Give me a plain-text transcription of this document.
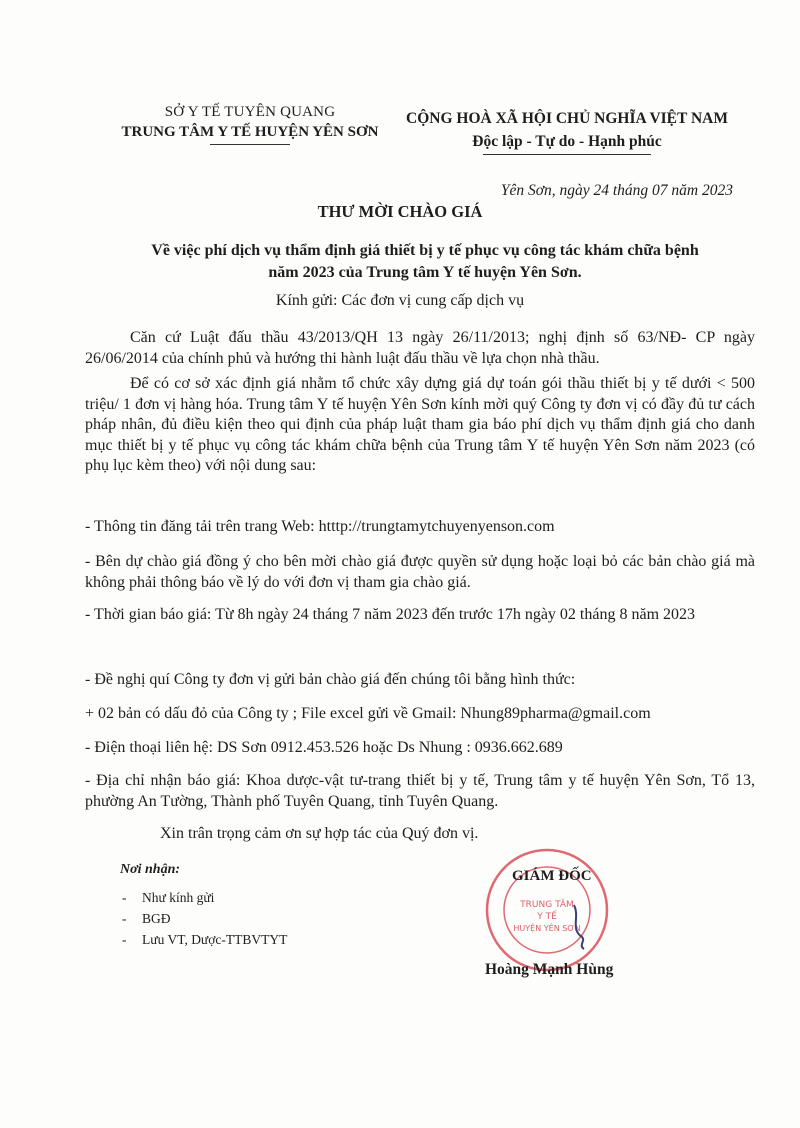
SỞ Y TẾ TUYÊN QUANG
TRUNG TÂM Y TẾ HUYỆN YÊN SƠN
CỘNG HOÀ XÃ HỘI CHỦ NGHĨA VIỆT NAM
Độc lập - Tự do - Hạnh phúc
Yên Sơn, ngày 24 tháng 07 năm 2023
THƯ MỜI CHÀO GIÁ
Về việc phí dịch vụ thẩm định giá thiết bị y tế phục vụ công tác khám chữa bệnh
năm 2023 của Trung tâm Y tế huyện Yên Sơn.
Kính gửi: Các đơn vị cung cấp dịch vụ
Căn cứ Luật đấu thầu 43/2013/QH 13 ngày 26/11/2013; nghị định số 63/NĐ- CP ngày 26/06/2014 của chính phủ và hướng thi hành luật đấu thầu về lựa chọn nhà thầu.
Để có cơ sở xác định giá nhằm tổ chức xây dựng giá dự toán gói thầu thiết bị y tế dưới < 500 triệu/ 1 đơn vị hàng hóa. Trung tâm Y tế huyện Yên Sơn kính mời quý Công ty đơn vị có đầy đủ tư cách pháp nhân, đủ điều kiện theo qui định của pháp luật tham gia báo phí dịch vụ thẩm định giá cho danh mục thiết bị y tế phục vụ công tác khám chữa bệnh của Trung tâm Y tế huyện Yên Sơn năm 2023 (có phụ lục kèm theo) với nội dung sau:
- Thông tin đăng tải trên trang Web: htttp://trungtamytchuyenyenson.com
- Bên dự chào giá đồng ý cho bên mời chào giá được quyền sử dụng hoặc loại bỏ các bản chào giá mà không phải thông báo về lý do với đơn vị tham gia chào giá.
- Thời gian báo giá: Từ 8h ngày 24 tháng 7 năm 2023 đến trước 17h ngày 02 tháng 8 năm 2023
- Đề nghị quí Công ty đơn vị gửi bản chào giá đến chúng tôi bằng hình thức:
+ 02 bản có dấu đỏ của Công ty ; File excel gửi về Gmail: Nhung89pharma@gmail.com
- Điện thoại liên hệ: DS Sơn 0912.453.526 hoặc Ds Nhung : 0936.662.689
- Địa chỉ nhận báo giá: Khoa dược-vật tư-trang thiết bị y tế, Trung tâm y tế huyện Yên Sơn, Tổ 13, phường An Tường, Thành phố Tuyên Quang, tỉnh Tuyên Quang.
Xin trân trọng cảm ơn sự hợp tác của Quý đơn vị.
Nơi nhận:
-	Như kính gửi
-	BGĐ
-	Lưu VT, Dược-TTBVTYT
TRUNG TÂM
Y TẾ
HUYỆN YÊN SƠN
GIÁM ĐỐC
Hoàng Mạnh Hùng
